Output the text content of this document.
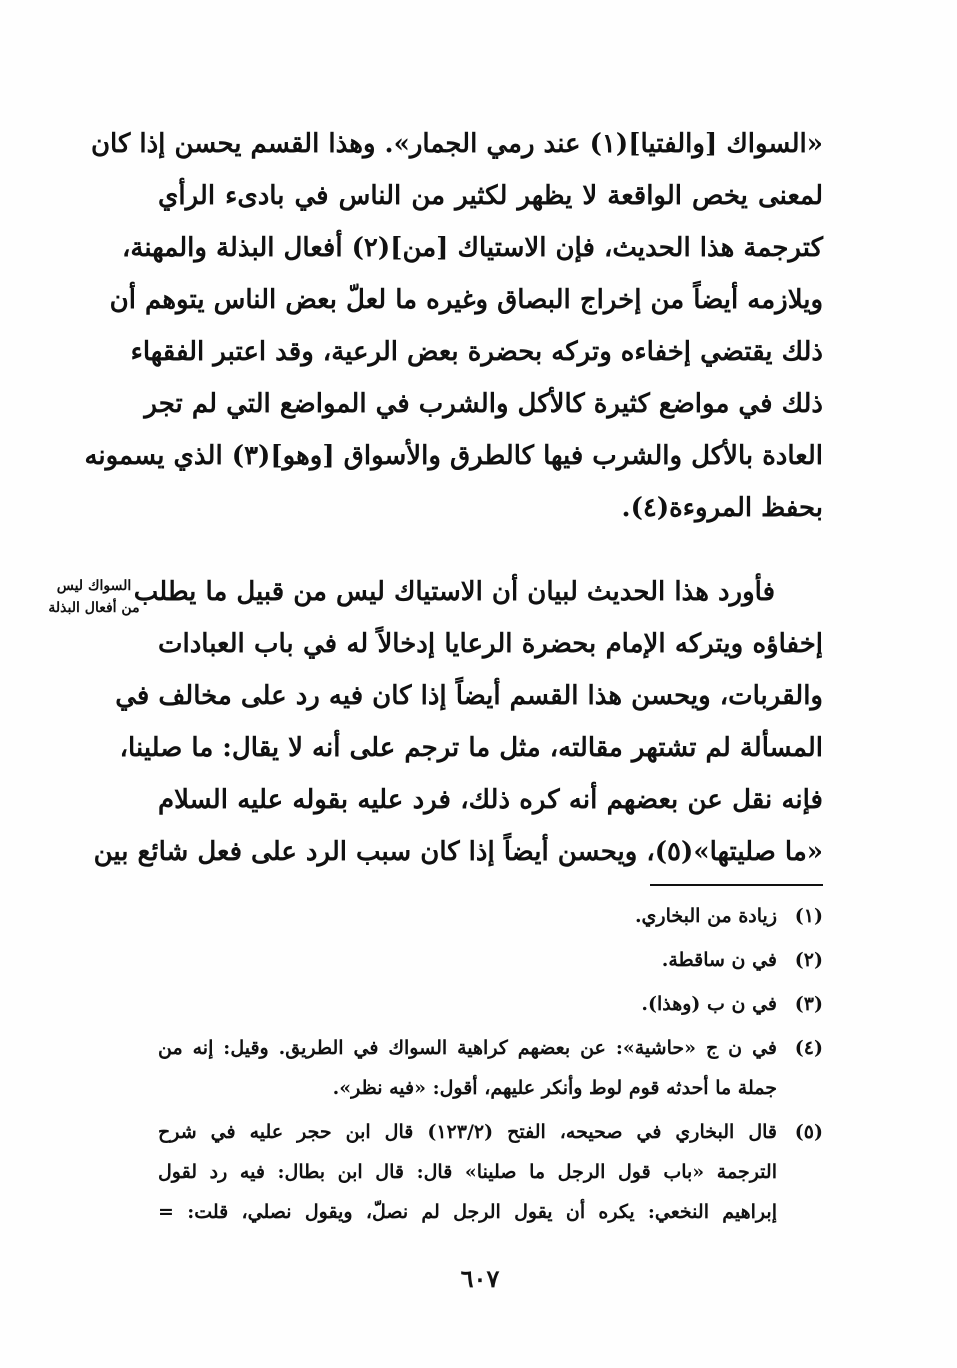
«السواك [والفتيا](١) عند رمي الجمار». وهذا القسم يحسن إذا كان
لمعنى يخص الواقعة لا يظهر لكثير من الناس في بادىء الرأي
كترجمة هذا الحديث، فإن الاستياك [من](٢) أفعال البذلة والمهنة،
ويلازمه أيضاً من إخراج البصاق وغيره ما لعلّ بعض الناس يتوهم أن
ذلك يقتضي إخفاءه وتركه بحضرة بعض الرعية، وقد اعتبر الفقهاء
ذلك في مواضع كثيرة كالأكل والشرب في المواضع التي لم تجر
العادة بالأكل والشرب فيها كالطرق والأسواق [وهو](٣) الذي يسمونه
بحفظ المروءة(٤).
السواك ليس
من أفعال البذلة
فأورد هذا الحديث لبيان أن الاستياك ليس من قبيل ما يطلب
إخفاؤه ويتركه الإمام بحضرة الرعايا إدخالاً له في باب العبادات
والقربات، ويحسن هذا القسم أيضاً إذا كان فيه رد على مخالف في
المسألة لم تشتهر مقالته، مثل ما ترجم على أنه لا يقال: ما صلينا،
فإنه نقل عن بعضهم أنه كره ذلك، فرد عليه بقوله عليه السلام
«ما صليتها»(٥)، ويحسن أيضاً إذا كان سبب الرد على فعل شائع بين
(١)
زيادة من البخاري.
(٢)
في ن ساقطة.
(٣)
في ن ب (وهذا).
(٤)
في ن ج «حاشية»: عن بعضهم كراهية السواك في الطريق. وقيل: إنه من
جملة ما أحدثه قوم لوط وأنكر عليهم، أقول: «فيه نظر».
(٥)
قال البخاري في صحيحه، الفتح (١٢٣/٢) قال ابن حجر عليه في شرح
الترجمة «باب قول الرجل ما صلينا» قال: قال ابن بطال: فيه رد لقول
إبراهيم النخعي: يكره أن يقول الرجل لم نصلّ، ويقول نصلي، قلت: =
٦٠٧
